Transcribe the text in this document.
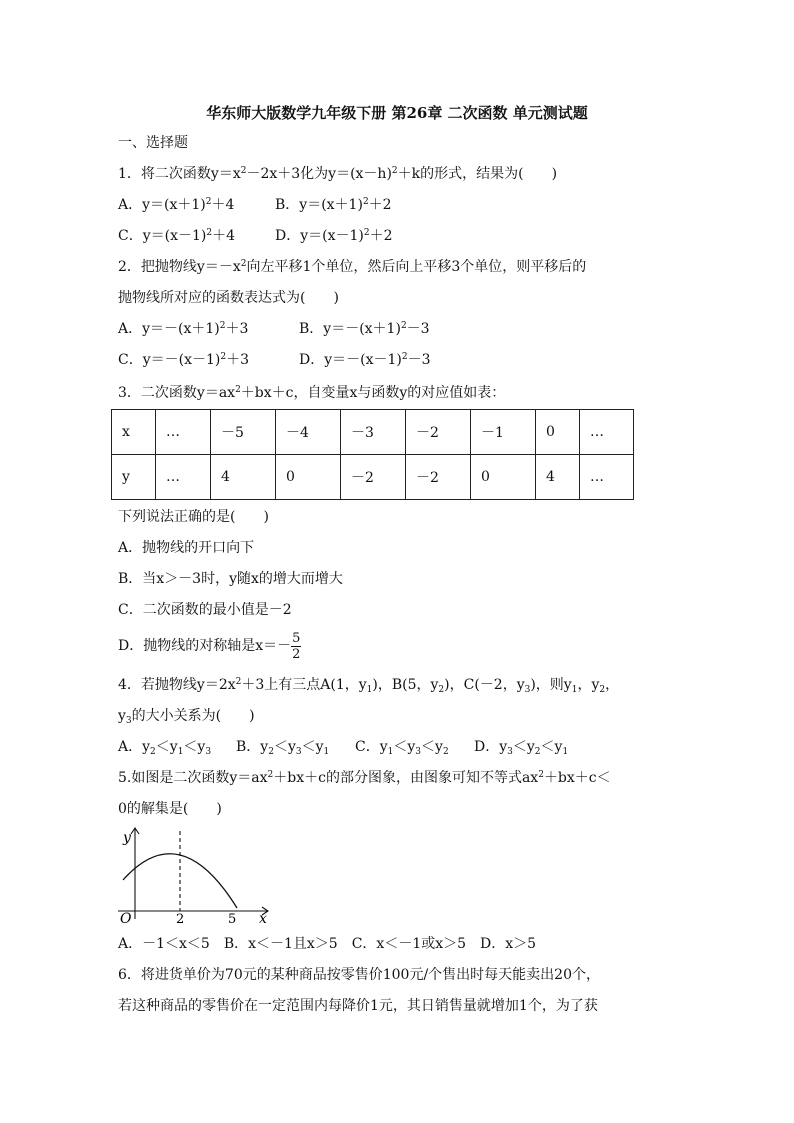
华东师大版数学九年级下册 第26章 二次函数 单元测试题
一、选择题
1．将二次函数$y=x^2-2x+3$化为$y=(x-h)^2+k$的形式，结果为(　　)
A．$y=(x+1)^2+4$	B．$y=(x+1)^2+2$
C．$y=(x-1)^2+4$	D．$y=(x-1)^2+2$
2．把抛物线$y=-x^2$向左平移1个单位，然后向上平移3个单位，则平移后的
抛物线所对应的函数表达式为(　　)
A．$y=-(x+1)^2+3$	B．$y=-(x+1)^2-3$
C．$y=-(x-1)^2+3$	D．$y=-(x-1)^2-3$
3．二次函数$y=ax^2+bx+c$，自变量x与函数y的对应值如表：
x	…	－5	－4	－3	－2	－1	0	…
y	…	4	0	－2	－2	0	4	…
下列说法正确的是(　　)
A．抛物线的开口向下
B．当x＞－3时，y随x的增大而增大
C．二次函数的最小值是－2
D．抛物线的对称轴是$x=- \frac{5}{2}$
4．若抛物线$y=2x^2+3$上有三点A(1，$y_1$)，B(5，$y_2$)，C(－2，$y_3$)，则$y_1$，$y_2$，
$y_3$的大小关系为(　　)
A．$y_2<y_1<y_3$ B．$y_2<y_3<y_1$ C．$y_1<y_3<y_2$ D．$y_3<y_2<y_1$
5.如图是二次函数$y=ax^2+bx+c$的部分图象，由图象可知不等式$ax^2+bx+c<$
0的解集是(　　)
y
x
O	2	5
A．－1＜x＜5　B．x＜－1且x＞5　C．x＜－1或x＞5　D．x＞5
6．将进货单价为70元的某种商品按零售价100元/个售出时每天能卖出20个，
若这种商品的零售价在一定范围内每降价1元，其日销售量就增加1个，为了获
